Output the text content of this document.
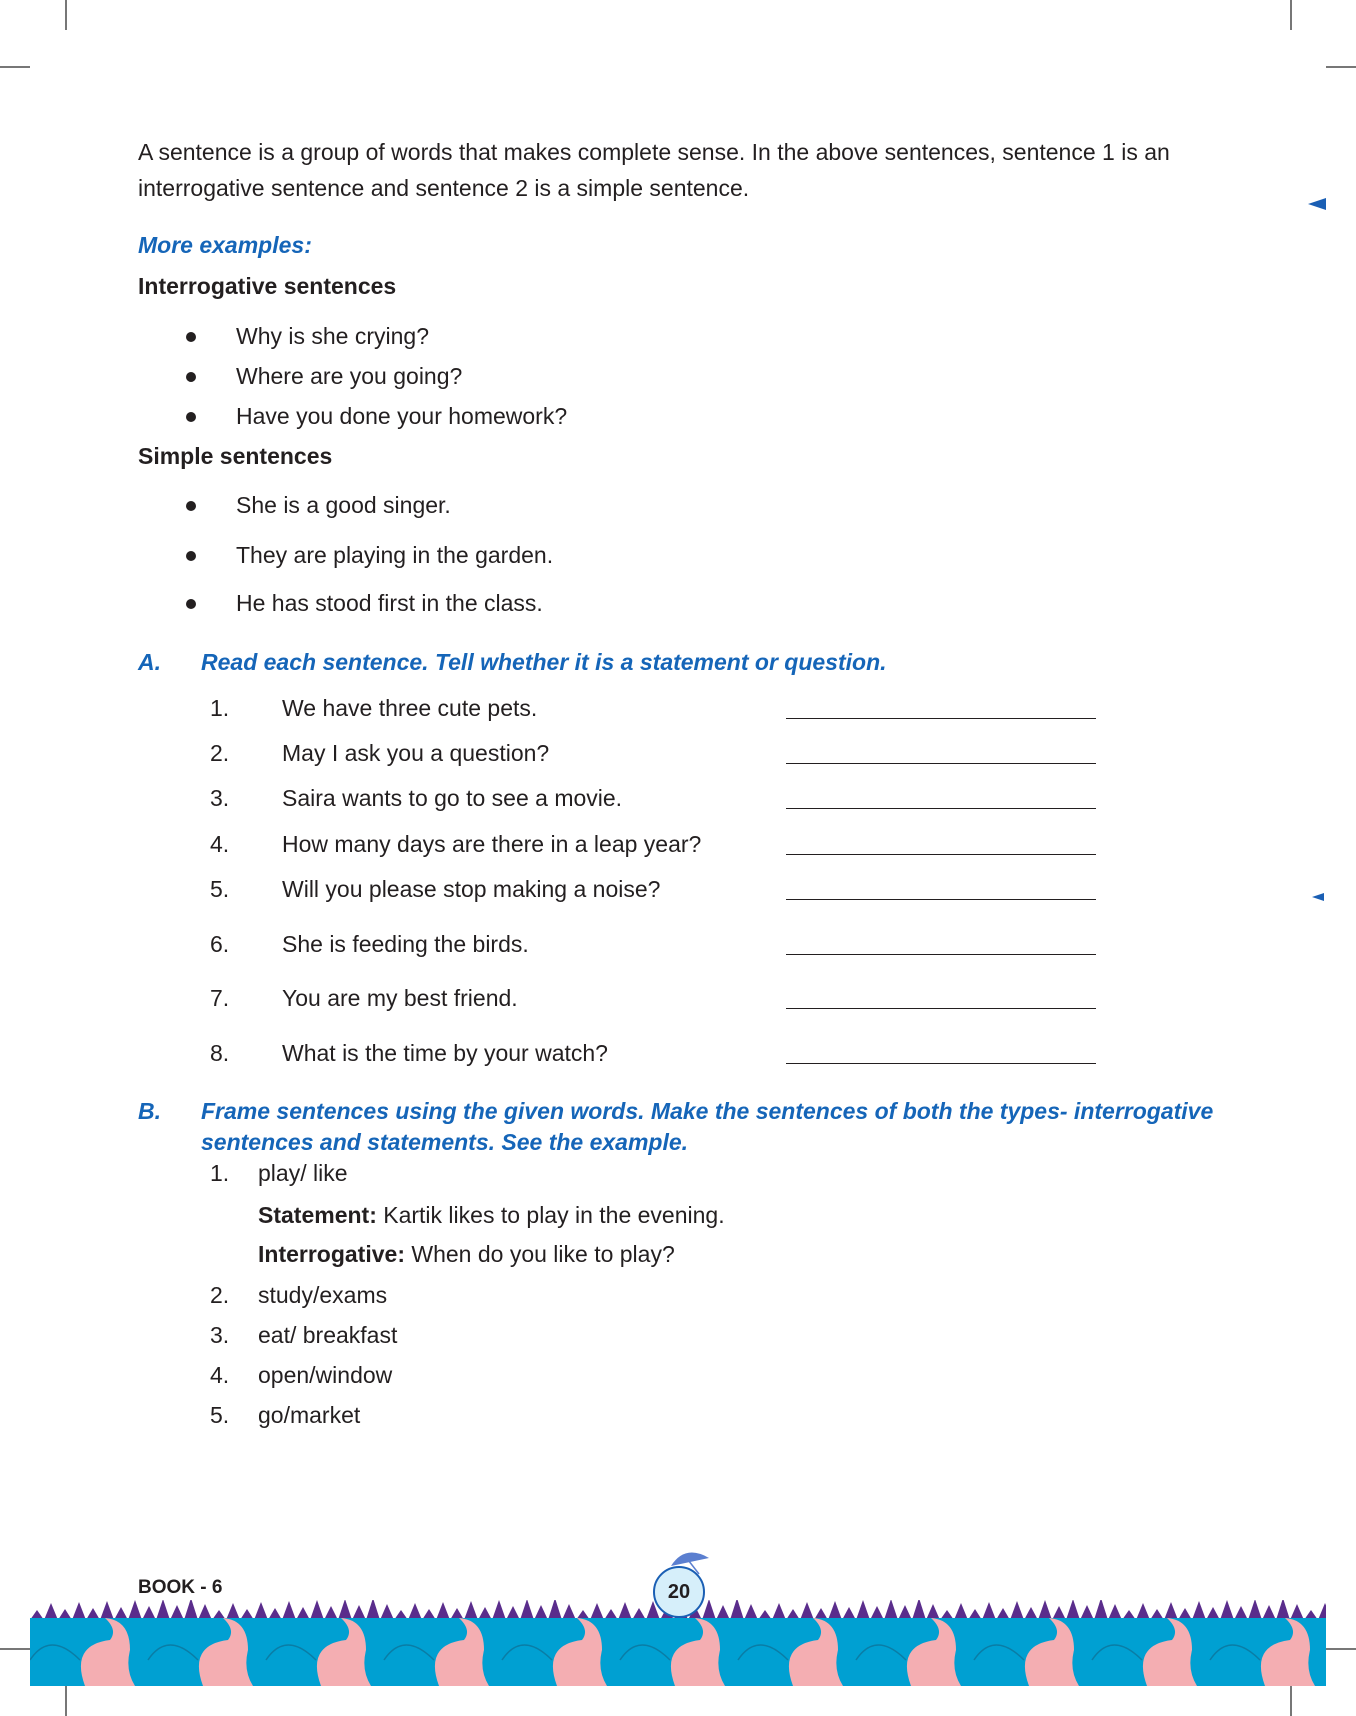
A sentence is a group of words that makes complete sense. In the above sentences, sentence 1 is an
interrogative sentence and sentence 2 is a simple sentence.
More examples:
Interrogative sentences
Simple sentences
A. Read each sentence. Tell whether it is a statement or question.
B. Frame sentences using the given words. Make the sentences of both the types- interrogative
sentences and statements. See the example.
1. play/ like
Statement: Kartik likes to play in the evening.
Interrogative: When do you like to play?
BOOK - 6	20
Why is she crying?
Where are you going?
Have you done your homework?
She is a good singer.
They are playing in the garden.
He has stood first in the class.
1. We have three cute pets.
2. May I ask you a question?
3. Saira wants to go to see a movie.
4. How many days are there in a leap year?
5. Will you please stop making a noise?
6. She is feeding the birds.
7. You are my best friend.
8. What is the time by your watch?
2. study/exams
3. eat/ breakfast
4. open/window
5. go/market
